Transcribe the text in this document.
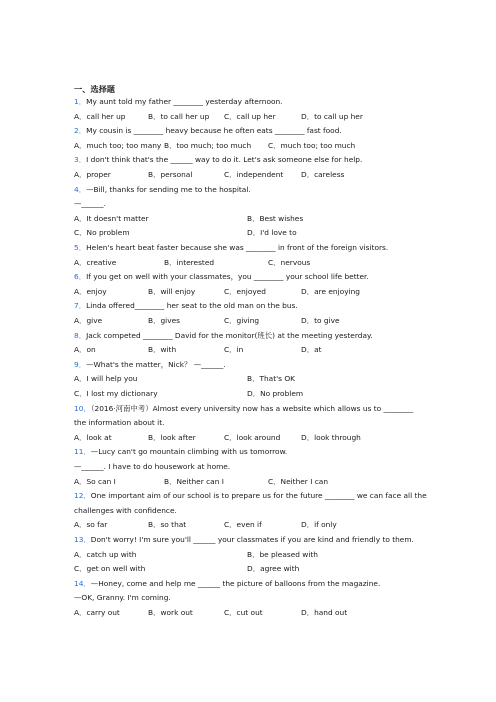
一、选择题
1．My aunt told my father ________ yesterday afternoon.
A．call her up	B．to call her up C．call up her	D．to call up her
2．My cousin is ________ heavy because he often eats ________ fast food.
A．much too; too many B．too much; too much C．much too; too much
3．I don't think that's the ______ way to do it. Let's ask someone else for help.
A．proper	B．personal	C．independent D．careless
4．—Bill, thanks for sending me to the hospital.
—______.
A．It doesn't matter	B．Best wishes
C．No problem	D．I'd love to
5．Helen's heart beat faster because she was ________ in front of the foreign visitors.
A．creative	B．interested	C．nervous
6．If you get on well with your classmates，you ________ your school life better.
A．enjoy	B．will enjoy	C．enjoyed	D．are enjoying
7．Linda offered________ her seat to the old man on the bus.
A．give	B．gives	C．giving	D．to give
8．Jack competed ________ David for the monitor(班长) at the meeting yesterday.
A．on	B．with	C．in	D．at
9．—What's the matter，Nick？ —______.
A．I will help you	B．That's OK
C．I lost my dictionary	D．No problem
10．（2016·河南中考）Almost every university now has a website which allows us to ________
the information about it.
A．look at	B．look after	C．look around	D．look through
11．—Lucy can't go mountain climbing with us tomorrow.
—______. I have to do housework at home.
A．So can I	B．Neither can I	C．Neither I can
12．One important aim of our school is to prepare us for the future ________ we can face all the
challenges with confidence.
A．so far	B．so that	C．even if	D．if only
13．Don't worry! I'm sure you'll ______ your classmates if you are kind and friendly to them.
A．catch up with	B．be pleased with
C．get on well with	D．agree with
14．—Honey, come and help me ______ the picture of balloons from the magazine.
—OK, Granny. I'm coming.
A．carry out	B．work out	C．cut out	D．hand out
